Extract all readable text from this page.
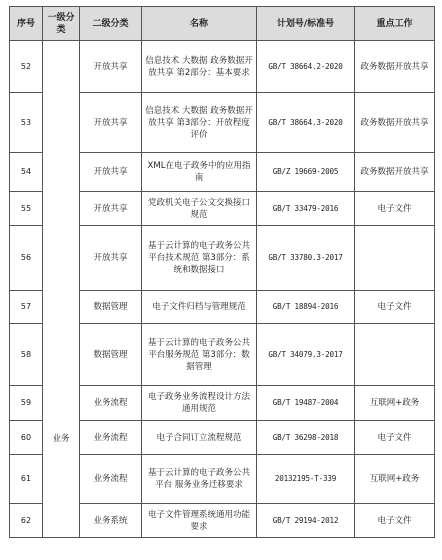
序号	一级分类	二级分类	名称	计划号/标准号	重点工作
52	业务	开放共享	信息技术 大数据 政务数据开放共享 第2部分：基本要求	GB/T 38664.2-2020	政务数据开放共享
53		开放共享	信息技术 大数据 政务数据开放共享 第3部分：开放程度评价	GB/T 38664.3-2020	政务数据开放共享
54		开放共享	XML在电子政务中的应用指南	GB/Z 19669-2005	政务数据开放共享
55		开放共享	党政机关电子公文交换接口规范	GB/T 33479-2016	电子文件
56		开放共享	基于云计算的电子政务公共平台技术规范 第3部分：系统和数据接口	GB/T 33780.3-2017	
57		数据管理	电子文件归档与管理规范	GB/T 18894-2016	电子文件
58		数据管理	基于云计算的电子政务公共平台服务规范 第3部分：数据管理	GB/T 34079.3-2017	
59		业务流程	电子政务业务流程设计方法通用规范	GB/T 19487-2004	互联网+政务
60		业务流程	电子合同订立流程规范	GB/T 36298-2018	电子文件
61		业务流程	基于云计算的电子政务公共平台 服务业务迁移要求	20132195-T-339	互联网+政务
62		业务系统	电子文件管理系统通用功能要求	GB/T 29194-2012	电子文件
